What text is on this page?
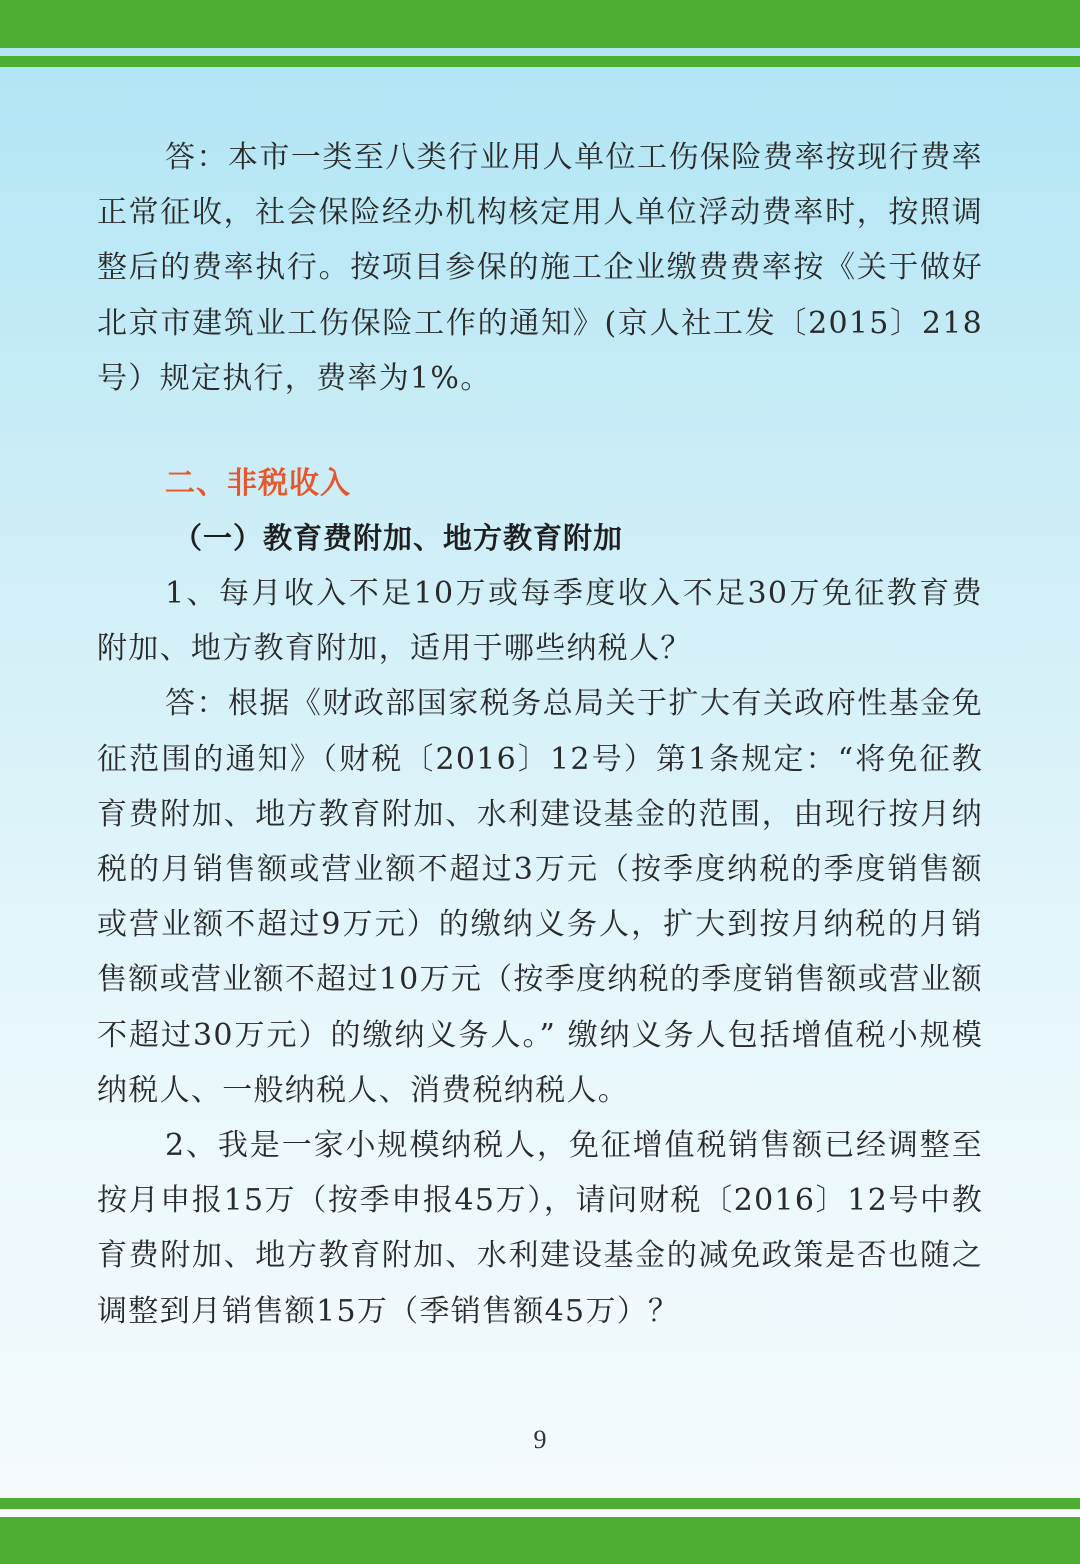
答：本市一类至八类行业用人单位工伤保险费率按现行费率正常征收，社会保险经办机构核定用人单位浮动费率时，按照调整后的费率执行。按项目参保的施工企业缴费费率按《关于做好北京市建筑业工伤保险工作的通知》(京人社工发〔2015〕218号）规定执行，费率为1%。

二、非税收入
（一）教育费附加、地方教育附加

1、每月收入不足10万或每季度收入不足30万免征教育费附加、地方教育附加，适用于哪些纳税人？

答：根据《财政部国家税务总局关于扩大有关政府性基金免征范围的通知》（财税〔2016〕12号）第1条规定：“将免征教育费附加、地方教育附加、水利建设基金的范围，由现行按月纳税的月销售额或营业额不超过3万元（按季度纳税的季度销售额或营业额不超过9万元）的缴纳义务人，扩大到按月纳税的月销售额或营业额不超过10万元（按季度纳税的季度销售额或营业额不超过30万元）的缴纳义务人。” 缴纳义务人包括增值税小规模纳税人、一般纳税人、消费税纳税人。

2、我是一家小规模纳税人，免征增值税销售额已经调整至按月申报15万（按季申报45万），请问财税〔2016〕12号中教育费附加、地方教育附加、水利建设基金的减免政策是否也随之调整到月销售额15万（季销售额45万）？

9
